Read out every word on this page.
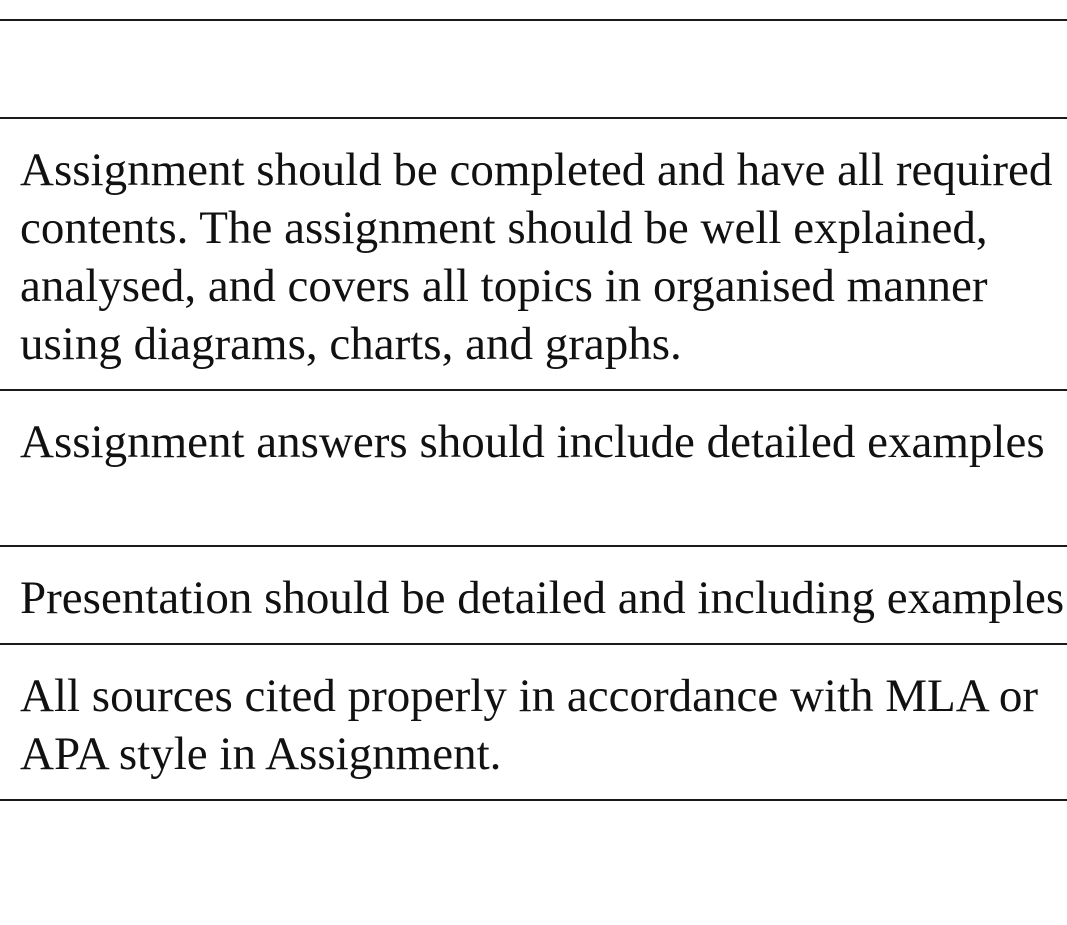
Assignment should be completed and have all required
contents. The assignment should be well explained,
analysed, and covers all topics in organised manner
using diagrams, charts, and graphs.

Assignment answers should include detailed examples

Presentation should be detailed and including examples

All sources cited properly in accordance with MLA or
APA style in Assignment.
